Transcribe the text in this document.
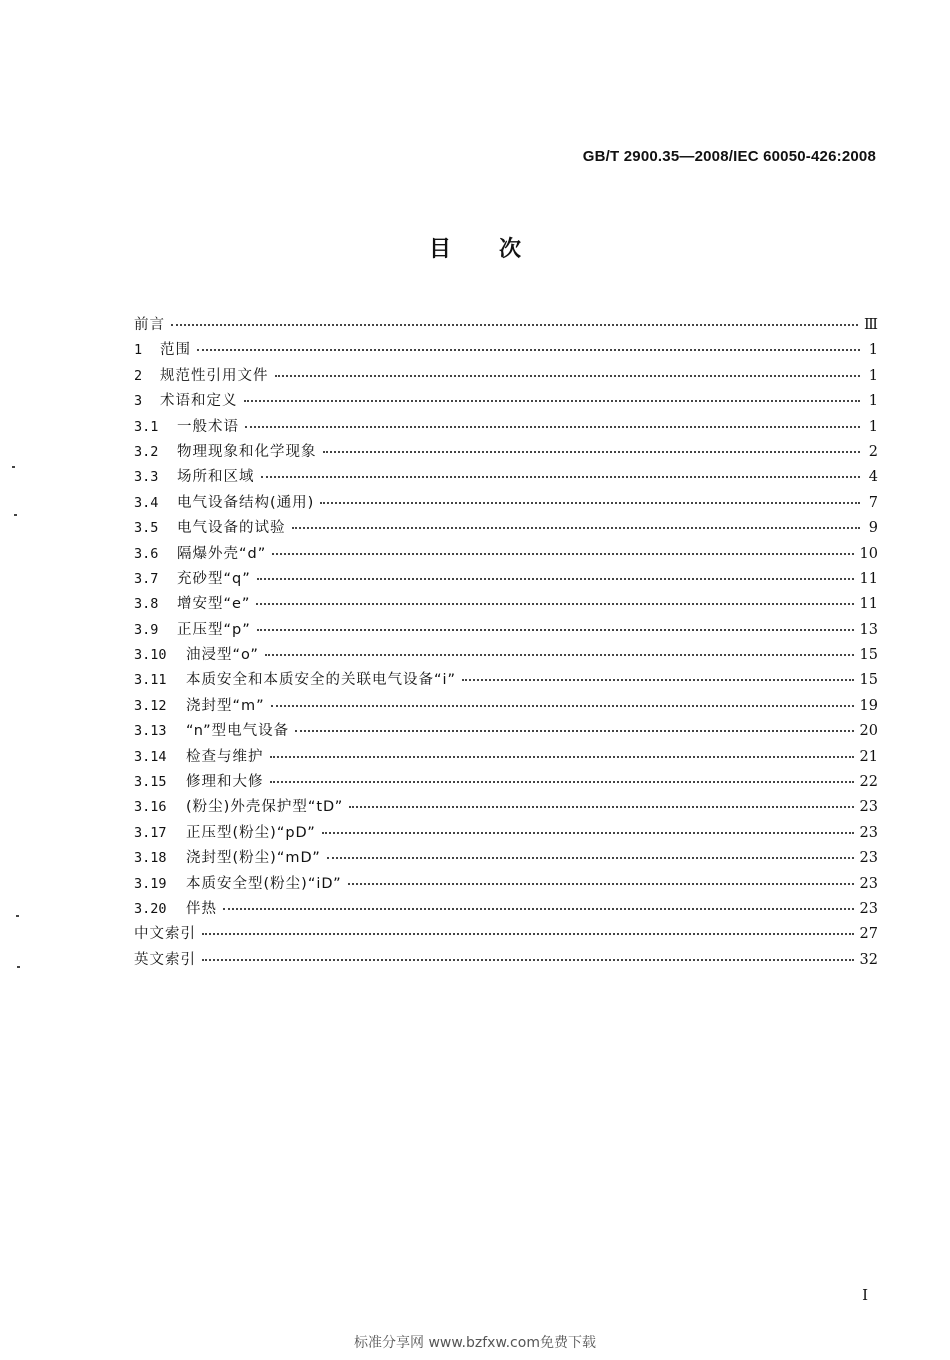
GB/T 2900.35—2008/IEC 60050-426:2008
目 次
前言	Ⅲ
1	范围	1
2	规范性引用文件	1
3	术语和定义	1
3.1	一般术语	1
3.2	物理现象和化学现象	2
3.3	场所和区域	4
3.4	电气设备结构(通用)	7
3.5	电气设备的试验	9
3.6	隔爆外壳“d”	10
3.7	充砂型“q”	11
3.8	增安型“e”	11
3.9	正压型“p”	13
3.10	油浸型“o”	15
3.11	本质安全和本质安全的关联电气设备“i”	15
3.12	浇封型“m”	19
3.13	“n”型电气设备	20
3.14	检查与维护	21
3.15	修理和大修	22
3.16	(粉尘)外壳保护型“tD”	23
3.17	正压型(粉尘)“pD”	23
3.18	浇封型(粉尘)“mD”	23
3.19	本质安全型(粉尘)“iD”	23
3.20	伴热	23
中文索引	27
英文索引	32
I
标准分享网 www.bzfxw.com免费下载
